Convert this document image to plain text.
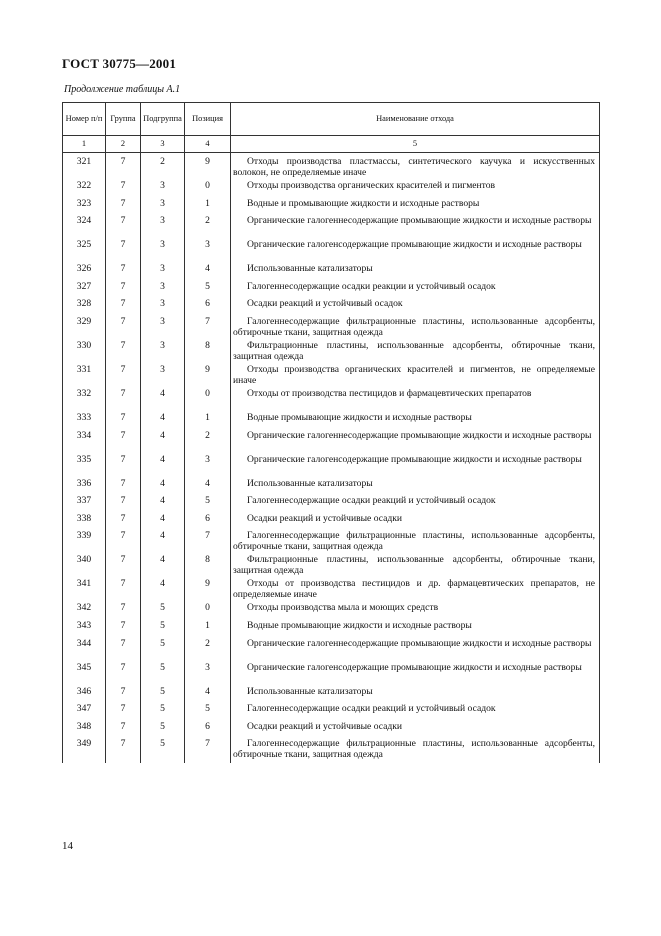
ГОСТ 30775—2001
Продолжение таблицы А.1
Номер п/п	Группа	Подгруппа	Позиция	Наименование отхода
1	2	3	4	5
321	7	2	9	Отходы производства пластмассы, синтетического каучука и искусственных волокон, не определяемые иначе
322	7	3	0	Отходы производства органических красителей и пигментов
323	7	3	1	Водные и промывающие жидкости и исходные растворы
324	7	3	2	Органические галогеннесодержащие промывающие жидкости и исходные растворы
325	7	3	3	Органические галогенсодержащие промывающие жидкости и исходные растворы
326	7	3	4	Использованные катализаторы
327	7	3	5	Галогеннесодержащие осадки реакции и устойчивый осадок
328	7	3	6	Осадки реакций и устойчивый осадок
329	7	3	7	Галогеннесодержащие фильтрационные пластины, использованные адсорбенты, обтирочные ткани, защитная одежда
330	7	3	8	Фильтрационные пластины, использованные адсорбенты, обтирочные ткани, защитная одежда
331	7	3	9	Отходы производства органических красителей и пигментов, не определяемые иначе
332	7	4	0	Отходы от производства пестицидов и фармацевтических препаратов
333	7	4	1	Водные промывающие жидкости и исходные растворы
334	7	4	2	Органические галогеннесодержащие промывающие жидкости и исходные растворы
335	7	4	3	Органические галогенсодержащие промывающие жидкости и исходные растворы
336	7	4	4	Использованные катализаторы
337	7	4	5	Галогеннесодержащие осадки реакций и устойчивый осадок
338	7	4	6	Осадки реакций и устойчивые осадки
339	7	4	7	Галогеннесодержащие фильтрационные пластины, использованные адсорбенты, обтирочные ткани, защитная одежда
340	7	4	8	Фильтрационные пластины, использованные адсорбенты, обтирочные ткани, защитная одежда
341	7	4	9	Отходы от производства пестицидов и др. фармацевтических препаратов, не определяемые иначе
342	7	5	0	Отходы производства мыла и моющих средств
343	7	5	1	Водные промывающие жидкости и исходные растворы
344	7	5	2	Органические галогеннесодержащие промывающие жидкости и исходные растворы
345	7	5	3	Органические галогенсодержащие промывающие жидкости и исходные растворы
346	7	5	4	Использованные катализаторы
347	7	5	5	Галогеннесодержащие осадки реакций и устойчивый осадок
348	7	5	6	Осадки реакций и устойчивые осадки
349	7	5	7	Галогеннесодержащие фильтрационные пластины, использованные адсорбенты, обтирочные ткани, защитная одежда
14
